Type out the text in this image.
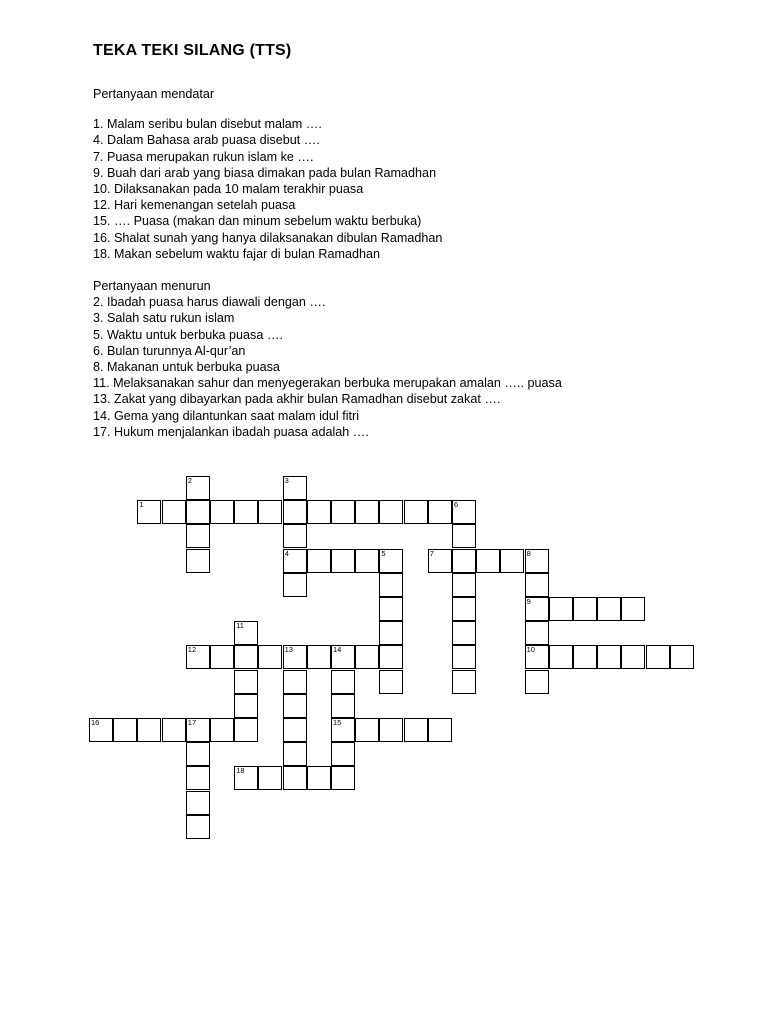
TEKA TEKI SILANG (TTS)
Pertanyaan mendatar
1. Malam seribu bulan disebut malam ….
4. Dalam Bahasa arab puasa disebut ….
7. Puasa merupakan rukun islam ke ….
9. Buah dari arab yang biasa dimakan pada bulan Ramadhan
10. Dilaksanakan pada 10 malam terakhir puasa
12. Hari kemenangan setelah puasa
15. …. Puasa (makan dan minum sebelum waktu berbuka)
16. Shalat sunah yang hanya dilaksanakan dibulan Ramadhan
18. Makan sebelum waktu fajar di bulan Ramadhan
Pertanyaan menurun
2. Ibadah puasa harus diawali dengan ….
3. Salah satu rukun islam
5. Waktu untuk berbuka puasa ….
6. Bulan turunnya Al-qur’an
8. Makanan untuk berbuka puasa
11. Melaksanakan sahur dan menyegerakan berbuka merupakan amalan ….. puasa
13. Zakat yang dibayarkan pada akhir bulan Ramadhan disebut zakat ….
14. Gema yang dilantunkan saat malam idul fitri
17. Hukum menjalankan ibadah puasa adalah ….
1	6
2	3
4	5	7	8
9
10
11
12	13	14
15
16	17
18
